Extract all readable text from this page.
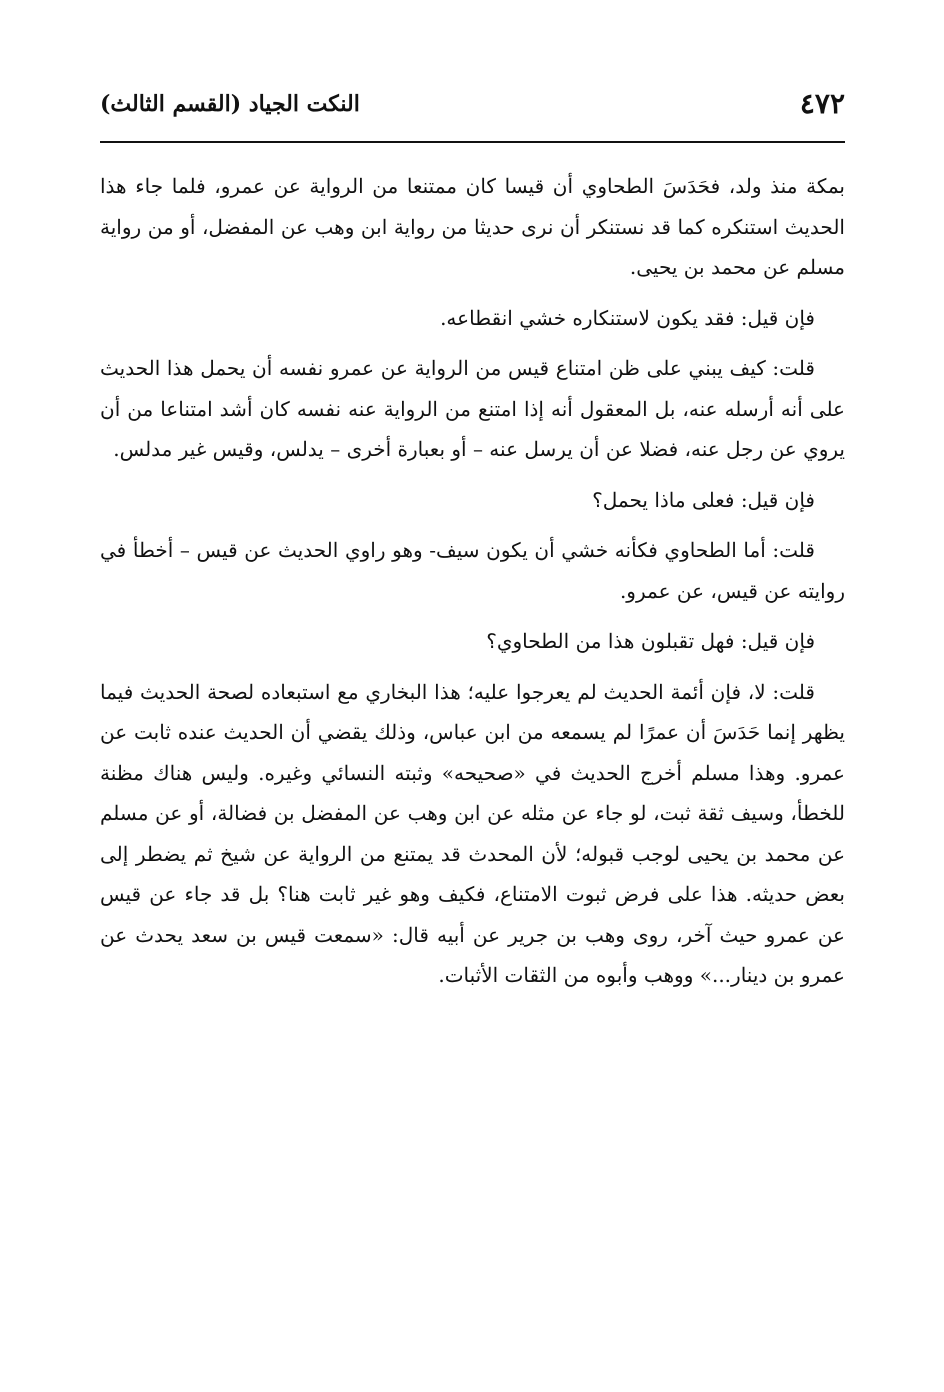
٤٧٢
النكت الجياد (القسم الثالث)

بمكة منذ ولد، فحَدَسَ الطحاوي أن قيسا كان ممتنعا من الرواية عن عمرو، فلما جاء هذا الحديث استنكره كما قد نستنكر أن نرى حديثا من رواية ابن وهب عن المفضل، أو من رواية مسلم عن محمد بن يحيى.

فإن قيل: فقد يكون لاستنكاره خشي انقطاعه.

قلت: كيف يبني على ظن امتناع قيس من الرواية عن عمرو نفسه أن يحمل هذا الحديث على أنه أرسله عنه، بل المعقول أنه إذا امتنع من الرواية عنه نفسه كان أشد امتناعا من أن يروي عن رجل عنه، فضلا عن أن يرسل عنه – أو بعبارة أخرى – يدلس، وقيس غير مدلس.

فإن قيل: فعلى ماذا يحمل؟

قلت: أما الطحاوي فكأنه خشي أن يكون سيف- وهو راوي الحديث عن قيس – أخطأ في روايته عن قيس، عن عمرو.

فإن قيل: فهل تقبلون هذا من الطحاوي؟

قلت: لا، فإن أئمة الحديث لم يعرجوا عليه؛ هذا البخاري مع استبعاده لصحة الحديث فيما يظهر إنما حَدَسَ أن عمرًا لم يسمعه من ابن عباس، وذلك يقضي أن الحديث عنده ثابت عن عمرو. وهذا مسلم أخرج الحديث في «صحيحه» وثبته النسائي وغيره. وليس هناك مظنة للخطأ، وسيف ثقة ثبت، لو جاء عن مثله عن ابن وهب عن المفضل بن فضالة، أو عن مسلم عن محمد بن يحيى لوجب قبوله؛ لأن المحدث قد يمتنع من الرواية عن شيخ ثم يضطر إلى بعض حديثه. هذا على فرض ثبوت الامتناع، فكيف وهو غير ثابت هنا؟ بل قد جاء عن قيس عن عمرو حيث آخر، روى وهب بن جرير عن أبيه قال: «سمعت قيس بن سعد يحدث عن عمرو بن دينار...» ووهب وأبوه من الثقات الأثبات.
